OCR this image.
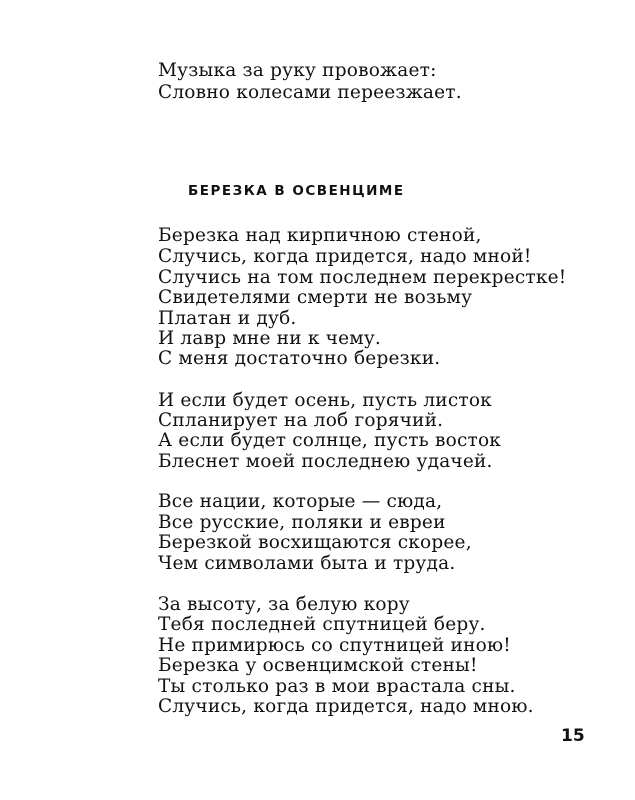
Музыка за руку провожает:
Словно колесами переезжает.
БЕРЕЗКА В ОСВЕНЦИМЕ
Березка над кирпичною стеной,
Случись, когда придется, надо мной!
Случись на том последнем перекрестке!
Свидетелями смерти не возьму
Платан и дуб.
И лавр мне ни к чему.
С меня достаточно березки.
И если будет осень, пусть листок
Спланирует на лоб горячий.
А если будет солнце, пусть восток
Блеснет моей последнею удачей.
Все нации, которые — сюда,
Все русские, поляки и евреи
Березкой восхищаются скорее,
Чем символами быта и труда.
За высоту, за белую кору
Тебя последней спутницей беру.
Не примирюсь со спутницей иною!
Березка у освенцимской стены!
Ты столько раз в мои врастала сны.
Случись, когда придется, надо мною.
15
